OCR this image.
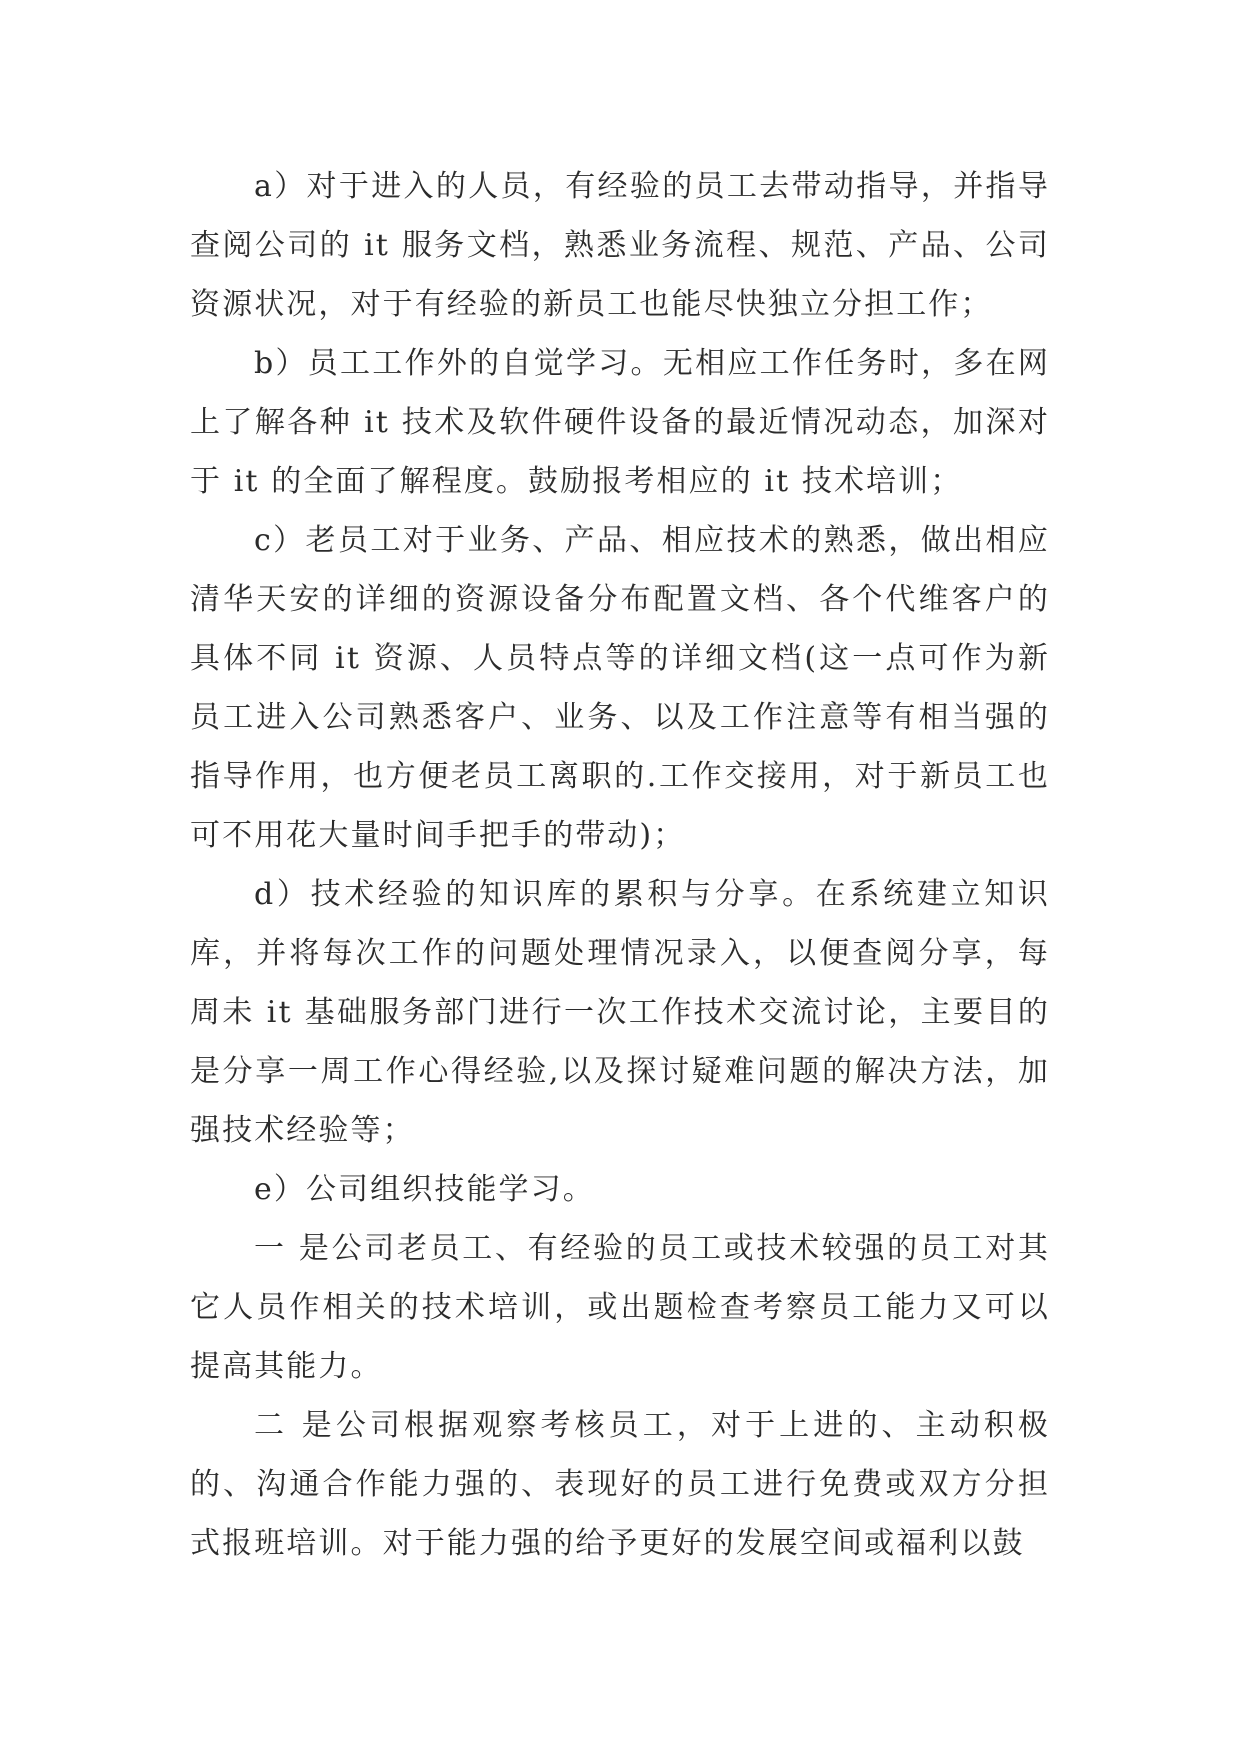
a）对于进入的人员，有经验的员工去带动指导，并指导查阅公司的 it 服务文档，熟悉业务流程、规范、产品、公司资源状况，对于有经验的新员工也能尽快独立分担工作；

b）员工工作外的自觉学习。无相应工作任务时，多在网上了解各种 it 技术及软件硬件设备的最近情况动态，加深对于 it 的全面了解程度。鼓励报考相应的 it 技术培训；

c）老员工对于业务、产品、相应技术的熟悉，做出相应清华天安的详细的资源设备分布配置文档、各个代维客户的具体不同 it 资源、人员特点等的详细文档(这一点可作为新员工进入公司熟悉客户、业务、以及工作注意等有相当强的指导作用，也方便老员工离职的.工作交接用，对于新员工也可不用花大量时间手把手的带动)；

d）技术经验的知识库的累积与分享。在系统建立知识库，并将每次工作的问题处理情况录入，以便查阅分享，每周未 it 基础服务部门进行一次工作技术交流讨论，主要目的是分享一周工作心得经验,以及探讨疑难问题的解决方法，加强技术经验等；

e）公司组织技能学习。

一 是公司老员工、有经验的员工或技术较强的员工对其它人员作相关的技术培训，或出题检查考察员工能力又可以提高其能力。

二 是公司根据观察考核员工，对于上进的、主动积极的、沟通合作能力强的、表现好的员工进行免费或双方分担式报班培训。对于能力强的给予更好的发展空间或福利以鼓
